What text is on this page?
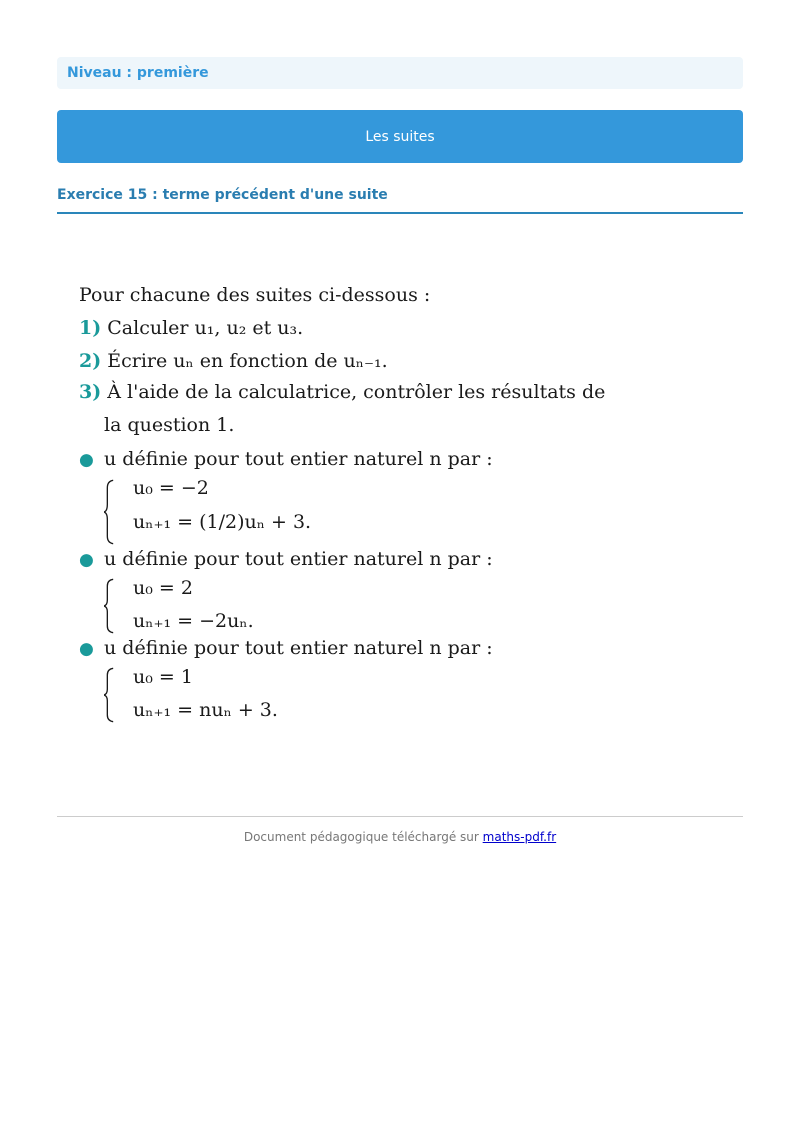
Niveau : première
Les suites
Exercice 15 : terme précédent d'une suite
Pour chacune des suites ci-dessous :
1) Calculer u₁, u₂ et u₃.
2) Écrire uₙ en fonction de uₙ₋₁.
3) À l'aide de la calculatrice, contrôler les résultats de
la question 1.
● u définie pour tout entier naturel n par :
u₀ = −2
uₙ₊₁ = (1/2)uₙ + 3.
● u définie pour tout entier naturel n par :
u₀ = 2
uₙ₊₁ = −2uₙ.
● u définie pour tout entier naturel n par :
u₀ = 1
uₙ₊₁ = nuₙ + 3.
Document pédagogique téléchargé sur maths-pdf.fr
